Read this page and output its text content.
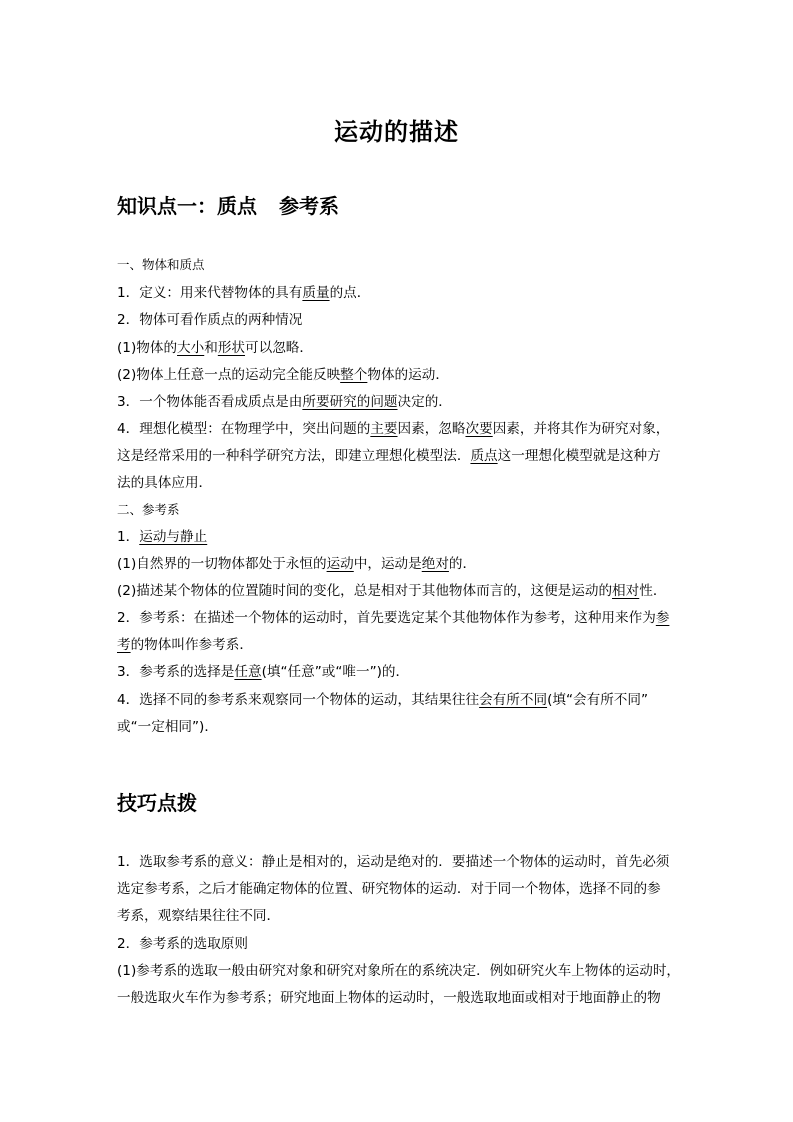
运动的描述
知识点一：质点 参考系
一、物体和质点
1．定义：用来代替物体的具有质量的点．
2．物体可看作质点的两种情况
(1)物体的大小和形状可以忽略．
(2)物体上任意一点的运动完全能反映整个物体的运动．
3．一个物体能否看成质点是由所要研究的问题决定的．
4．理想化模型：在物理学中，突出问题的主要因素，忽略次要因素，并将其作为研究对象，
这是经常采用的一种科学研究方法，即建立理想化模型法．质点这一理想化模型就是这种方
法的具体应用．
二、参考系
1．运动与静止
(1)自然界的一切物体都处于永恒的运动中，运动是绝对的．
(2)描述某个物体的位置随时间的变化，总是相对于其他物体而言的，这便是运动的相对性．
2．参考系：在描述一个物体的运动时，首先要选定某个其他物体作为参考，这种用来作为参
考的物体叫作参考系．
3．参考系的选择是任意(填“任意”或“唯一”)的．
4．选择不同的参考系来观察同一个物体的运动，其结果往往会有所不同(填“会有所不同”
或“一定相同”)．
技巧点拨
1．选取参考系的意义：静止是相对的，运动是绝对的．要描述一个物体的运动时，首先必须
选定参考系，之后才能确定物体的位置、研究物体的运动．对于同一个物体，选择不同的参
考系，观察结果往往不同．
2．参考系的选取原则
(1)参考系的选取一般由研究对象和研究对象所在的系统决定．例如研究火车上物体的运动时，
一般选取火车作为参考系；研究地面上物体的运动时，一般选取地面或相对于地面静止的物
